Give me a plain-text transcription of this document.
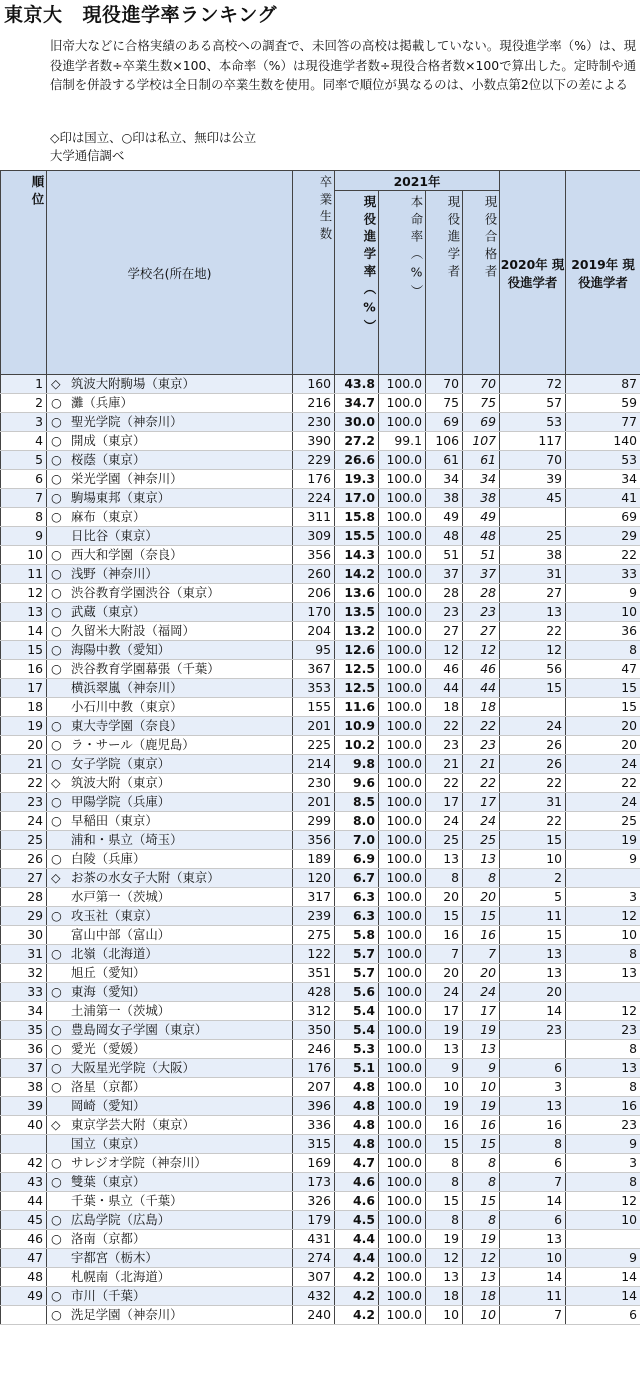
東京大 現役進学率ランキング

旧帝大などに合格実績のある高校への調査で、未回答の高校は掲載していない。現役進学率（%）は、現役進学者数÷卒業生数×100、本命率（%）は現役進学者数÷現役合格者数×100で算出した。定時制や通信制を併設する学校は全日制の卒業生数を使用。同率で順位が異なるのは、小数点第2位以下の差による

◇印は国立、○印は私立、無印は公立
大学通信調べ
順位	学校名(所在地)	卒業生数	2021年				2020年 現役進学者	2019年 現役進学者
			現役進学率（%）	本命率（%）	現役進学者	現役合格者		
1	◇ 筑波大附駒場（東京）	160	43.8	100.0	70	70	72	87
2	○ 灘（兵庫）	216	34.7	100.0	75	75	57	59
3	○ 聖光学院（神奈川）	230	30.0	100.0	69	69	53	77
4	○ 開成（東京）	390	27.2	99.1	106	107	117	140
5	○ 桜蔭（東京）	229	26.6	100.0	61	61	70	53
6	○ 栄光学園（神奈川）	176	19.3	100.0	34	34	39	34
7	○ 駒場東邦（東京）	224	17.0	100.0	38	38	45	41
8	○ 麻布（東京）	311	15.8	100.0	49	49		69
9	日比谷（東京）	309	15.5	100.0	48	48	25	29
10	○ 西大和学園（奈良）	356	14.3	100.0	51	51	38	22
11	○ 浅野（神奈川）	260	14.2	100.0	37	37	31	33
12	○ 渋谷教育学園渋谷（東京）	206	13.6	100.0	28	28	27	9
13	○ 武蔵（東京）	170	13.5	100.0	23	23	13	10
14	○ 久留米大附設（福岡）	204	13.2	100.0	27	27	22	36
15	○ 海陽中教（愛知）	95	12.6	100.0	12	12	12	8
16	○ 渋谷教育学園幕張（千葉）	367	12.5	100.0	46	46	56	47
17	横浜翠嵐（神奈川）	353	12.5	100.0	44	44	15	15
18	小石川中教（東京）	155	11.6	100.0	18	18		15
19	○ 東大寺学園（奈良）	201	10.9	100.0	22	22	24	20
20	○ ラ・サール（鹿児島）	225	10.2	100.0	23	23	26	20
21	○ 女子学院（東京）	214	9.8	100.0	21	21	26	24
22	◇ 筑波大附（東京）	230	9.6	100.0	22	22	22	22
23	○ 甲陽学院（兵庫）	201	8.5	100.0	17	17	31	24
24	○ 早稲田（東京）	299	8.0	100.0	24	24	22	25
25	浦和・県立（埼玉）	356	7.0	100.0	25	25	15	19
26	○ 白陵（兵庫）	189	6.9	100.0	13	13	10	9
27	◇ お茶の水女子大附（東京）	120	6.7	100.0	8	8	2	
28	水戸第一（茨城）	317	6.3	100.0	20	20	5	3
29	○ 攻玉社（東京）	239	6.3	100.0	15	15	11	12
30	富山中部（富山）	275	5.8	100.0	16	16	15	10
31	○ 北嶺（北海道）	122	5.7	100.0	7	7	13	8
32	旭丘（愛知）	351	5.7	100.0	20	20	13	13
33	○ 東海（愛知）	428	5.6	100.0	24	24	20	
34	土浦第一（茨城）	312	5.4	100.0	17	17	14	12
35	○ 豊島岡女子学園（東京）	350	5.4	100.0	19	19	23	23
36	○ 愛光（愛媛）	246	5.3	100.0	13	13		8
37	○ 大阪星光学院（大阪）	176	5.1	100.0	9	9	6	13
38	○ 洛星（京都）	207	4.8	100.0	10	10	3	8
39	岡崎（愛知）	396	4.8	100.0	19	19	13	16
40	◇ 東京学芸大附（東京）	336	4.8	100.0	16	16	16	23
	国立（東京）	315	4.8	100.0	15	15	8	9
42	○ サレジオ学院（神奈川）	169	4.7	100.0	8	8	6	3
43	○ 雙葉（東京）	173	4.6	100.0	8	8	7	8
44	千葉・県立（千葉）	326	4.6	100.0	15	15	14	12
45	○ 広島学院（広島）	179	4.5	100.0	8	8	6	10
46	○ 洛南（京都）	431	4.4	100.0	19	19	13	
47	宇都宮（栃木）	274	4.4	100.0	12	12	10	9
48	札幌南（北海道）	307	4.2	100.0	13	13	14	14
49	○ 市川（千葉）	432	4.2	100.0	18	18	11	14
	○ 洗足学園（神奈川）	240	4.2	100.0	10	10	7	6
